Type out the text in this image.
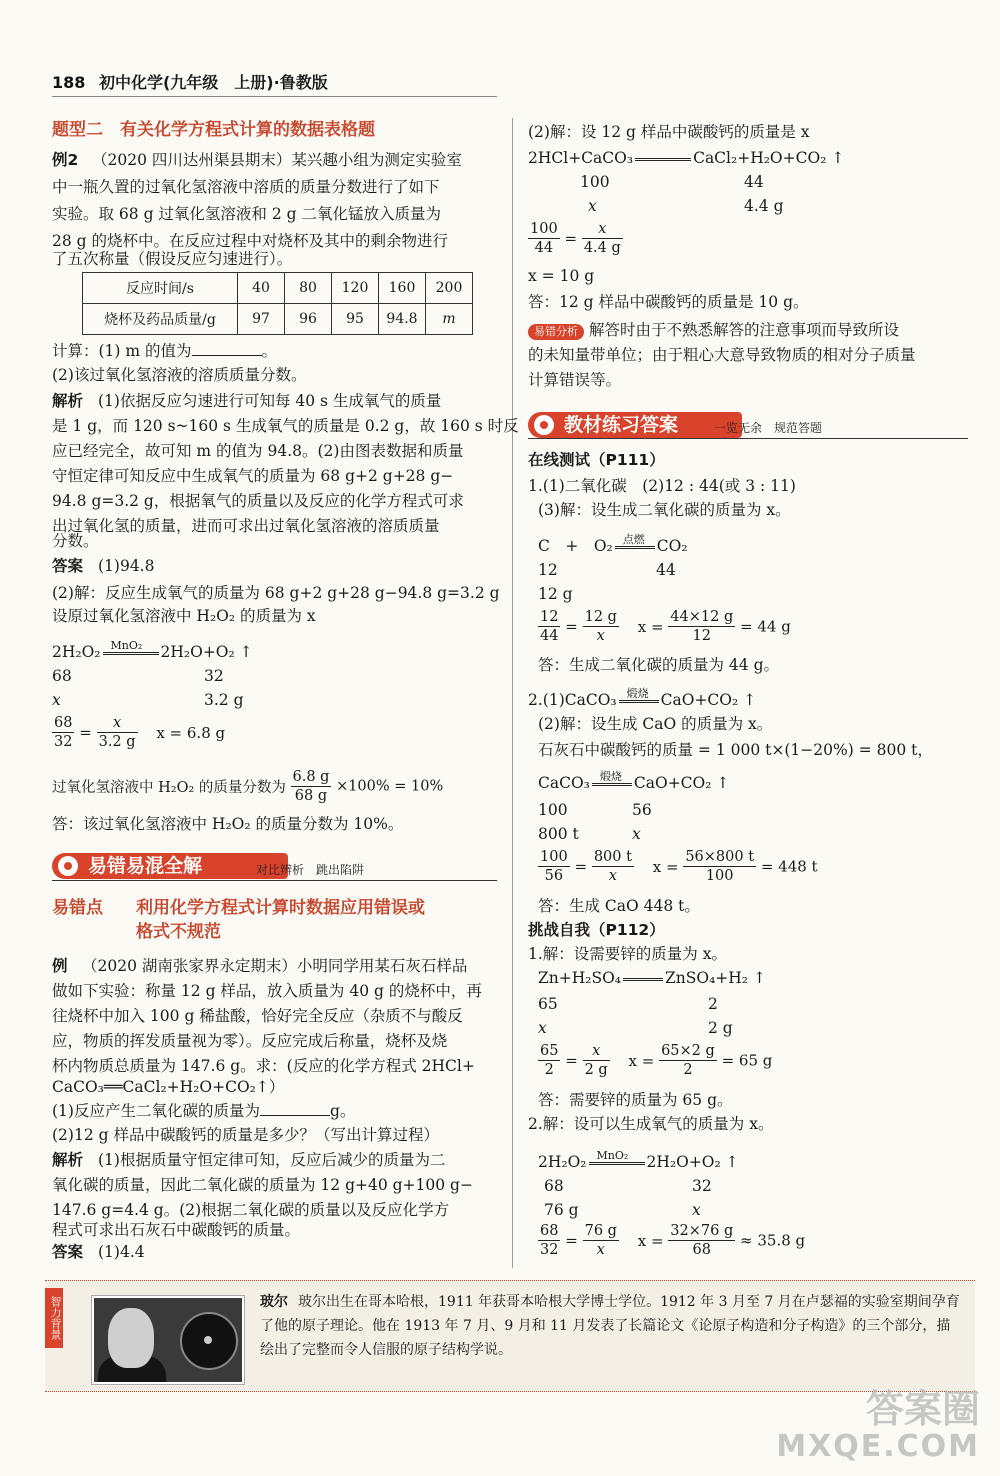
188 初中化学(九年级　上册)·鲁教版
题型二　有关化学方程式计算的数据表格题
例2 （2020 四川达州渠县期末）某兴趣小组为测定实验室
中一瓶久置的过氧化氢溶液中溶质的质量分数进行了如下
实验。取 68 g 过氧化氢溶液和 2 g 二氧化锰放入质量为
28 g 的烧杯中。在反应过程中对烧杯及其中的剩余物进行
了五次称量（假设反应匀速进行）。
反应时间/s	40	80	120	160	200
烧杯及药品质量/g	97	96	95	94.8	m
计算：(1) m 的值为	。
(2)该过氧化氢溶液的溶质质量分数。
解析 (1)依据反应匀速进行可知每 40 s 生成氧气的质量
是 1 g，而 120 s~160 s 生成氧气的质量是 0.2 g，故 160 s 时反
应已经完全，故可知 m 的值为 94.8。(2)由图表数据和质量
守恒定律可知反应中生成氧气的质量为 68 g+2 g+28 g−
94.8 g=3.2 g，根据氧气的质量以及反应的化学方程式可求
出过氧化氢的质量，进而可求出过氧化氢溶液的溶质质量
分数。
答案 (1)94.8
(2)解：反应生成氧气的质量为 68 g+2 g+28 g−94.8 g=3.2 g
设原过氧化氢溶液中 H₂O₂ 的质量为 x
2H₂O₂ MnO₂ 2H₂O+O₂ ↑
68	32
x	3.2 g
$\frac{68}{32} = \frac{x}{3.2 g}$ x = 6.8 g
过氧化氢溶液中 H₂O₂ 的质量分数为 $\frac{6.8 g}{68 g} \times 100\% = 10\%$
答：该过氧化氢溶液中 H₂O₂ 的质量分数为 10%。
易错易混全解	对比辨析　跳出陷阱
易错点 利用化学方程式计算时数据应用错误或
格式不规范
例 （2020 湖南张家界永定期末）小明同学用某石灰石样品
做如下实验：称量 12 g 样品，放入质量为 40 g 的烧杯中，再
往烧杯中加入 100 g 稀盐酸，恰好完全反应（杂质不与酸反
应，物质的挥发质量视为零）。反应完成后称量，烧杯及烧
杯内物质总质量为 147.6 g。求：(反应的化学方程式 2HCl+
CaCO₃══CaCl₂+H₂O+CO₂↑）
(1)反应产生二氧化碳的质量为	g。
(2)12 g 样品中碳酸钙的质量是多少？（写出计算过程）
解析 (1)根据质量守恒定律可知，反应后减少的质量为二
氧化碳的质量，因此二氧化碳的质量为 12 g+40 g+100 g−
147.6 g=4.4 g。(2)根据二氧化碳的质量以及反应化学方
程式可求出石灰石中碳酸钙的质量。
答案 (1)4.4
(2)解：设 12 g 样品中碳酸钙的质量是 x
2HCl+CaCO₃	CaCl₂+H₂O+CO₂ ↑
100	44
x	4.4 g
$\frac{100}{44} = \frac{x}{4.4 g}$
x = 10 g
答：12 g 样品中碳酸钙的质量是 10 g。
易错分析 解答时由于不熟悉解答的注意事项而导致所设
的未知量带单位；由于粗心大意导致物质的相对分子质量
计算错误等。
教材练习答案	一览无余　规范答题
在线测试（P111）
1.(1)二氧化碳　(2)12 : 44(或 3 : 11)
(3)解：设生成二氧化碳的质量为 x。
C　+　O₂ 点燃 CO₂
12	44
12 g
$\frac{12}{44} = \frac{12 g}{x}$ $x = \frac{44\times 12 g}{12} = 44$ g
答：生成二氧化碳的质量为 44 g。
2.(1)CaCO₃ 煅烧 CaO+CO₂ ↑
(2)解：设生成 CaO 的质量为 x。
石灰石中碳酸钙的质量 = 1 000 t×(1−20%) = 800 t，
CaCO₃ 煅烧 CaO+CO₂ ↑
100	56
800 t	x
$\frac{100}{56} = \frac{800 t}{x}$ $x = \frac{56\times 800 t}{100} = 448$ t
答：生成 CaO 448 t。
挑战自我（P112）
1.解：设需要锌的质量为 x。
Zn+H₂SO₄	ZnSO₄+H₂ ↑
65	2
x	2 g
$\frac{65}{2} = \frac{x}{2 g}$ $x = \frac{65\times 2 g}{2} = 65$ g
答：需要锌的质量为 65 g。
2.解：设可以生成氧气的质量为 x。
2H₂O₂ MnO₂ 2H₂O+O₂ ↑
68	32
76 g	x
$\frac{68}{32} = \frac{76 g}{x}$ $x = \frac{32\times 76 g}{68} \approx 35.8$ g
智力背景	玻尔 玻尔出生在哥本哈根，1911 年获哥本哈根大学博士学位。1912 年 3 月至 7 月在卢瑟福的实验室期间孕育了他的原子理论。他在 1913 年 7 月、9 月和 11 月发表了长篇论文《论原子构造和分子构造》的三个部分，描绘出了完整而令人信服的原子结构学说。
答案圈
MXQE.COM
